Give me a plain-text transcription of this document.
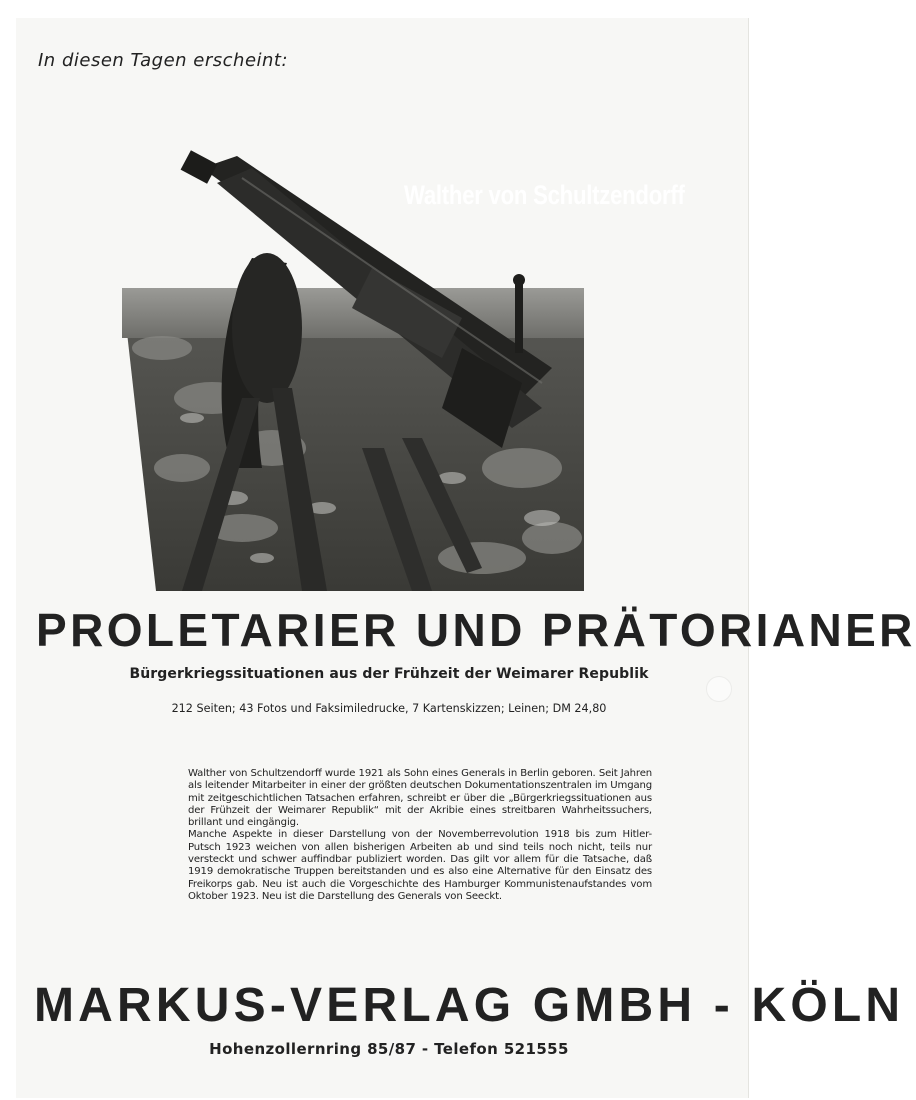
In diesen Tagen erscheint:
Walther von Schultzendorff
PROLETARIER UND PRÄTORIANER
Bürgerkriegssituationen aus der Frühzeit der Weimarer Republik
212 Seiten; 43 Fotos und Faksimiledrucke, 7 Kartenskizzen; Leinen; DM 24,80

Walther von Schultzendorff wurde 1921 als Sohn eines Generals in Berlin geboren. Seit Jahren als leitender Mitarbeiter in einer der größten deutschen Dokumentationszentralen im Umgang mit zeitgeschichtlichen Tatsachen erfahren, schreibt er über die „Bürgerkriegssituationen aus der Frühzeit der Weimarer Republik“ mit der Akribie eines streitbaren Wahrheitssuchers, brillant und eingängig.

Manche Aspekte in dieser Darstellung von der Novemberrevolution 1918 bis zum Hitler-Putsch 1923 weichen von allen bisherigen Arbeiten ab und sind teils noch nicht, teils nur versteckt und schwer auffindbar publiziert worden. Das gilt vor allem für die Tatsache, daß 1919 demokratische Truppen bereitstanden und es also eine Alternative für den Einsatz des Freikorps gab. Neu ist auch die Vorgeschichte des Hamburger Kommunistenaufstandes vom Oktober 1923. Neu ist die Darstellung des Generals von Seeckt.

MARKUS-VERLAG GMBH - KÖLN
Hohenzollernring 85/87 - Telefon 521555
